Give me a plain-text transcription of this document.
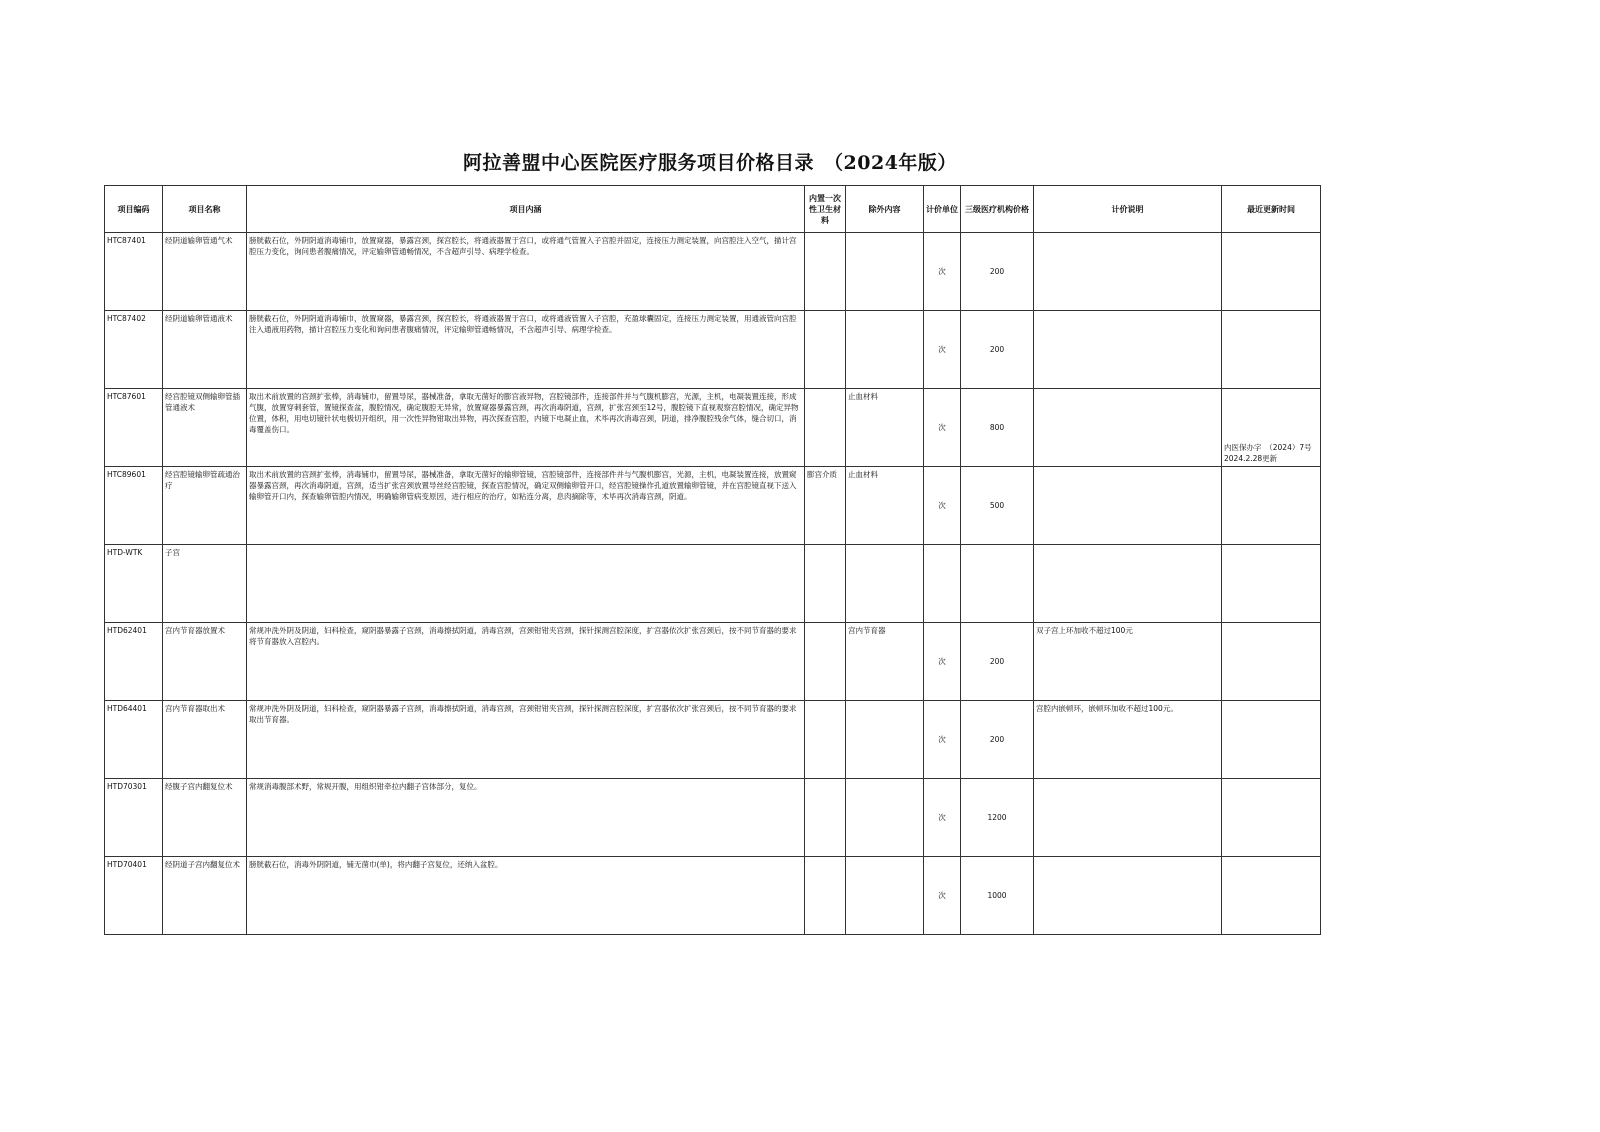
阿拉善盟中心医院医疗服务项目价格目录　（2024年版）
项目编码	项目名称	项目内涵	内置一次性卫生材料	除外内容	计价单位	三级医疗机构价格	计价说明	最近更新时间
HTC87401	经阴道输卵管通气术	膀胱截石位，外阴阴道消毒铺巾，放置窥器，暴露宫颈，探宫腔长，将通液器置于宫口，或将通气管置入子宫腔并固定，连接压力测定装置，向宫腔注入空气，描计宫腔压力变化，询问患者腹痛情况，评定输卵管通畅情况，不含超声引导、病理学检查。			次	200		
HTC87402	经阴道输卵管通液术	膀胱截石位，外阴阴道消毒铺巾，放置窥器，暴露宫颈，探宫腔长，将通液器置于宫口，或将通液管置入子宫腔，充盈球囊固定，连接压力测定装置，用通液管向宫腔注入通液用药物，描计宫腔压力变化和询问患者腹痛情况，评定输卵管通畅情况，不含超声引导、病理学检查。			次	200		
HTC87601	经宫腔镜双侧输卵管插管通液术	取出术前放置的宫颈扩张棒，消毒铺巾，留置导尿，器械准备，拿取无菌好的膨宫液异物，宫腔镜部件，连接部件并与气腹机膨宫，光源，主机，电凝装置连接，形成气腹，放置穿刺套管，置镜探查盆，腹腔情况，确定腹腔无异常，放置窥器暴露宫颈，再次消毒阴道，宫颈，扩张宫颈至12号，腹腔镜下直视观察宫腔情况，确定异物位置，体积，用电切镜针状电极切开组织，用一次性异物钳取出异物，再次探查宫腔，内镜下电凝止血，术毕再次消毒宫颈，阴道，排净腹腔残余气体，缝合切口，消毒覆盖伤口。		止血材料	次	800		内医保办字　（2024）7号 2024.2.28更新
HTC89601	经宫腔镜输卵管疏通治疗	取出术前放置的宫颈扩张棒，消毒铺巾，留置导尿，器械准备，拿取无菌好的输卵管镜，宫腔镜部件，连接部件并与气腹机膨宫，光源，主机，电凝装置连接，放置窥器暴露宫颈，再次消毒阴道，宫颈，适当扩张宫颈放置导丝经宫腔镜，探查宫腔情况，确定双侧输卵管开口，经宫腔镜操作孔道放置输卵管镜，并在宫腔镜直视下送入输卵管开口内，探查输卵管腔内情况，明确输卵管病变原因，进行相应的治疗，如粘连分离，息肉摘除等，术毕再次消毒宫颈，阴道。	膨宫介质	止血材料	次	500		
HTD-WTK	子宫							
HTD62401	宫内节育器放置术	常规冲洗外阴及阴道，妇科检查，窥阴器暴露子宫颈，消毒擦拭阴道，消毒宫颈，宫颈钳钳夹宫颈，探针探测宫腔深度，扩宫器依次扩张宫颈后，按不同节育器的要求将节育器放入宫腔内。		宫内节育器	次	200	双子宫上环加收不超过100元	
HTD64401	宫内节育器取出术	常规冲洗外阴及阴道，妇科检查，窥阴器暴露子宫颈，消毒擦拭阴道，消毒宫颈，宫颈钳钳夹宫颈，探针探测宫腔深度，扩宫器依次扩张宫颈后，按不同节育器的要求取出节育器。			次	200	宫腔内嵌顿环，嵌顿环加收不超过100元。	
HTD70301	经腹子宫内翻复位术	常规消毒腹部术野，常规开腹，用组织钳牵拉内翻子宫体部分，复位。			次	1200		
HTD70401	经阴道子宫内翻复位术	膀胱截石位，消毒外阴阴道，铺无菌巾(单)，将内翻子宫复位，还纳入盆腔。			次	1000		
